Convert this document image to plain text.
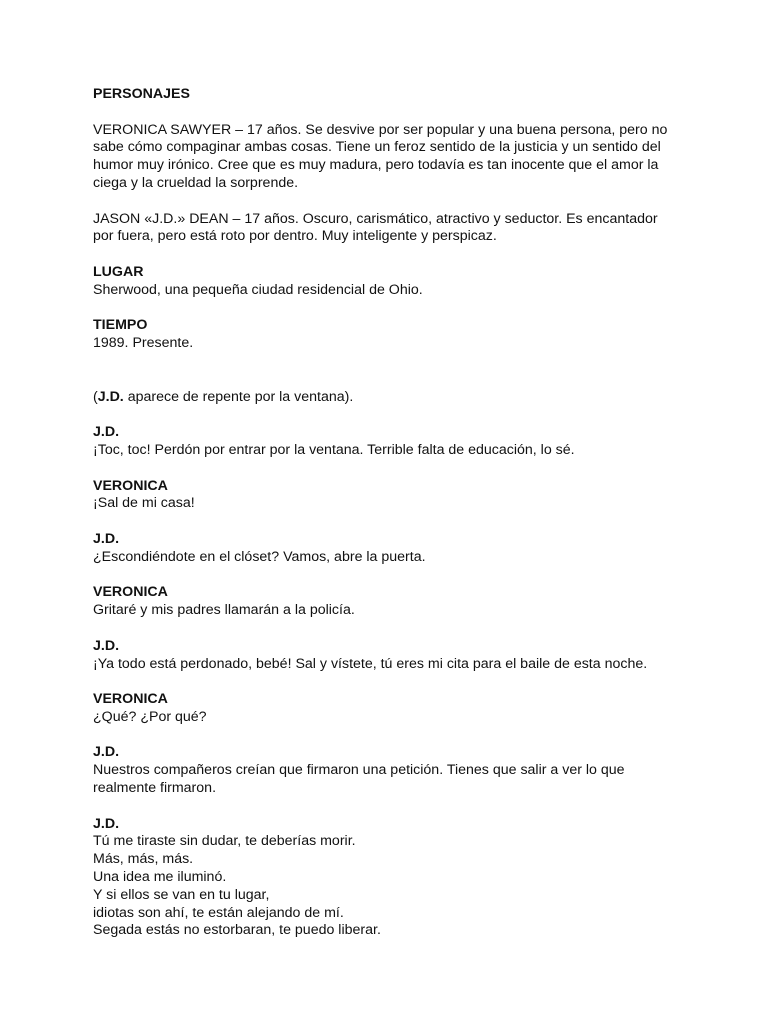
PERSONAJES
VERONICA SAWYER – 17 años. Se desvive por ser popular y una buena persona, pero no
sabe cómo compaginar ambas cosas. Tiene un feroz sentido de la justicia y un sentido del
humor muy irónico. Cree que es muy madura, pero todavía es tan inocente que el amor la
ciega y la crueldad la sorprende.
JASON «J.D.» DEAN – 17 años. Oscuro, carismático, atractivo y seductor. Es encantador
por fuera, pero está roto por dentro. Muy inteligente y perspicaz.
LUGAR
Sherwood, una pequeña ciudad residencial de Ohio.
TIEMPO
1989. Presente.
(J.D. aparece de repente por la ventana).
J.D.
¡Toc, toc! Perdón por entrar por la ventana. Terrible falta de educación, lo sé.
VERONICA
¡Sal de mi casa!
J.D.
¿Escondiéndote en el clóset? Vamos, abre la puerta.
VERONICA
Gritaré y mis padres llamarán a la policía.
J.D.
¡Ya todo está perdonado, bebé! Sal y vístete, tú eres mi cita para el baile de esta noche.
VERONICA
¿Qué? ¿Por qué?
J.D.
Nuestros compañeros creían que firmaron una petición. Tienes que salir a ver lo que
realmente firmaron.
J.D.
Tú me tiraste sin dudar, te deberías morir.
Más, más, más.
Una idea me iluminó.
Y si ellos se van en tu lugar,
idiotas son ahí, te están alejando de mí.
Segada estás no estorbaran, te puedo liberar.
